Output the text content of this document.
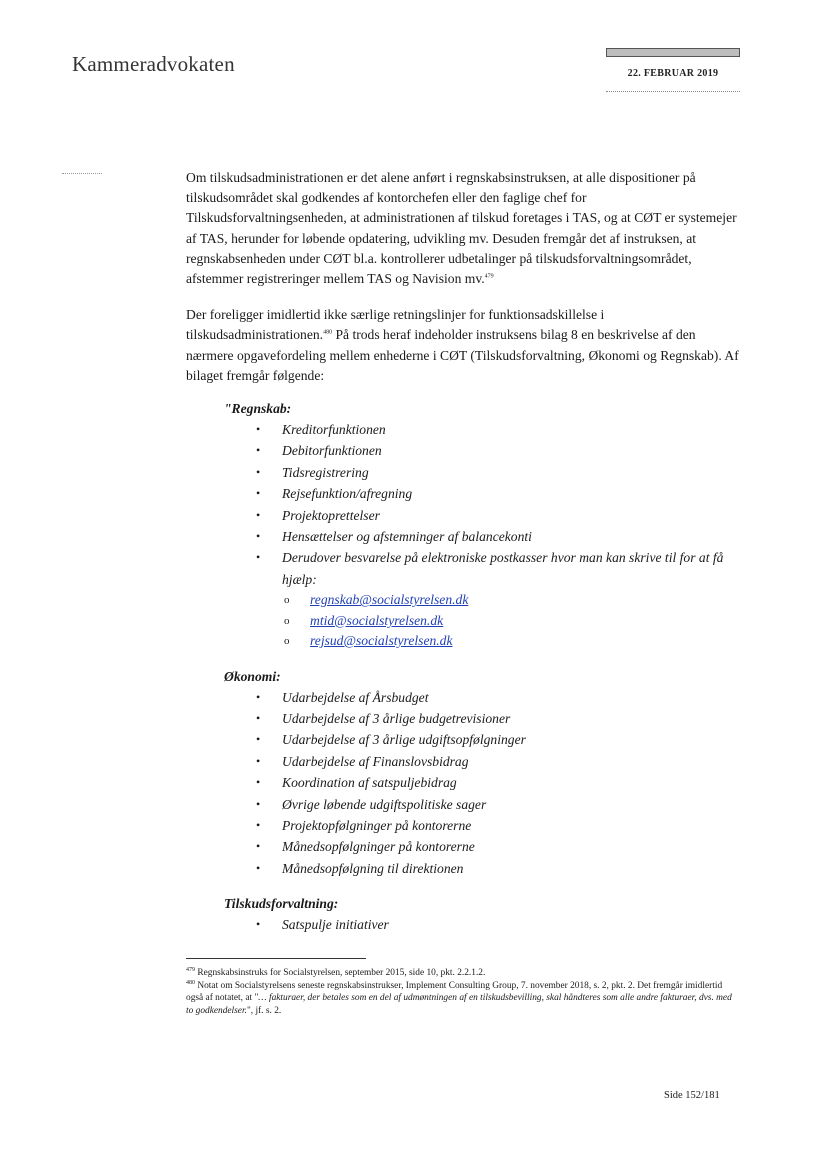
Kammeradvokaten	22. FEBRUAR 2019

Om tilskudsadministrationen er det alene anført i regnskabsinstruksen, at alle dispositioner på tilskudsområdet skal godkendes af kontorchefen eller den faglige chef for Tilskudsforvaltningsenheden, at administrationen af tilskud foretages i TAS, og at CØT er systemejer af TAS, herunder for løbende opdatering, udvikling mv. Desuden fremgår det af instruksen, at regnskabsenheden under CØT bl.a. kontrollerer udbetalinger på tilskudsforvaltningsområdet, afstemmer registreringer mellem TAS og Navision mv.$^{479}$

Der foreligger imidlertid ikke særlige retningslinjer for funktionsadskillelse i tilskudsadministrationen.$^{480}$ På trods heraf indeholder instruksens bilag 8 en beskrivelse af den nærmere opgavefordeling mellem enhederne i CØT (Tilskudsforvaltning, Økonomi og Regnskab). Af bilaget fremgår følgende:

"Regnskab:

• Kreditorfunktionen
• Debitorfunktionen
• Tidsregistrering
• Rejsefunktion/afregning
• Projektoprettelser
• Hensættelser og afstemninger af balancekonti
• Derudover besvarelse på elektroniske postkasser hvor man kan skrive til for at få hjælp:
o regnskab@socialstyrelsen.dk
o mtid@socialstyrelsen.dk
o rejsud@socialstyrelsen.dk

Økonomi:

• Udarbejdelse af Årsbudget
• Udarbejdelse af 3 årlige budgetrevisioner
• Udarbejdelse af 3 årlige udgiftsopfølgninger
• Udarbejdelse af Finanslovsbidrag
• Koordination af satspuljebidrag
• Øvrige løbende udgiftspolitiske sager
• Projektopfølgninger på kontorerne
• Månedsopfølgninger på kontorerne
• Månedsopfølgning til direktionen

Tilskudsforvaltning:

• Satspulje initiativer

$^{479}$ Regnskabsinstruks for Socialstyrelsen, september 2015, side 10, pkt. 2.2.1.2.

$^{480}$ Notat om Socialstyrelsens seneste regnskabsinstrukser, Implement Consulting Group, 7. november 2018, s. 2, pkt. 2. Det fremgår imidlertid også af notatet, at "… fakturaer, der betales som en del af udmøntningen af en tilskudsbevilling, skal håndteres som alle andre fakturaer, dvs. med to godkendelser.", jf. s. 2.

Side 152/181
